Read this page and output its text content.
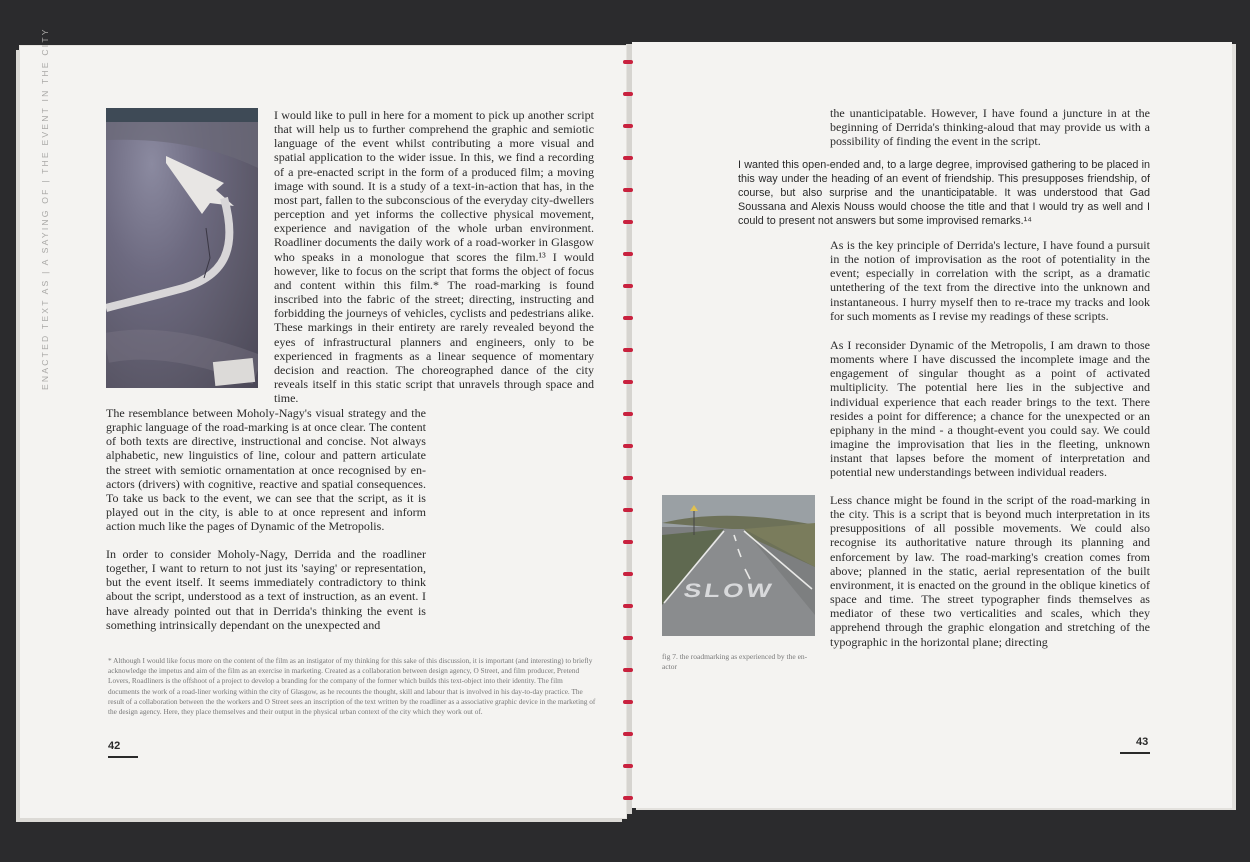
ENACTED TEXT AS | A SAYING OF | THE EVENT IN THE CITY	I would like to pull in here for a moment to pick up another script that will help us to further comprehend the graphic and semiotic language of the event whilst contributing a more visual and spatial application to the wider issue. In this, we find a recording of a pre-enacted script in the form of a produced film; a moving image with sound. It is a study of a text-in-action that has, in the most part, fallen to the subconscious of the everyday city-dwellers perception and yet informs the collective physical movement, experience and navigation of the whole urban environment. Roadliner documents the daily work of a road-worker in Glasgow who speaks in a monologue that scores the film.¹³ I would however, like to focus on the script that forms the object of focus and content within this film.* The road-marking is found inscribed into the fabric of the street; directing, instructing and forbidding the journeys of vehicles, cyclists and pedestrians alike. These markings in their entirety are rarely revealed beyond the eyes of infrastructural planners and engineers, only to be experienced in fragments as a linear sequence of momentary decision and reaction. The choreographed dance of the city reveals itself in this static script that unravels through space and time.

The resemblance between Moholy-Nagy's visual strategy and the graphic language of the road-marking is at once clear. The content of both texts are directive, instructional and concise. Not always alphabetic, new linguistics of line, colour and pattern articulate the street with semiotic ornamentation at once recognised by en-actors (drivers) with cognitive, reactive and spatial consequences. To take us back to the event, we can see that the script, as it is played out in the city, is able to at once represent and inform action much like the pages of Dynamic of the Metropolis.

In order to consider Moholy-Nagy, Derrida and the roadliner together, I want to return to not just its 'saying' or representation, but the event itself. It seems immediately contradictory to think about the script, understood as a text of instruction, as an event. I have already pointed out that in Derrida's thinking the event is something intrinsically dependant on the unexpected and

* Although I would like focus more on the content of the film as an instigator of my thinking for this sake of this discussion, it is important (and interesting) to briefly acknowledge the impetus and aim of the film as an exercise in marketing. Created as a collaboration between design agency, O Street, and film producer, Pretend Lovers, Roadliners is the offshoot of a project to develop a branding for the company of the former which builds this text-object into their identity. The film documents the work of a road-liner working within the city of Glasgow, as he recounts the thought, skill and labour that is involved in his day-to-day practice. The result of a collaboration between the the workers and O Street sees an inscription of the text written by the roadliner as a associative graphic device in the marketing of the design agency. Here, they place themselves and their output in the physical urban context of the city which they work out of.

42

the unanticipatable. However, I have found a juncture in at the beginning of Derrida's thinking-aloud that may provide us with a possibility of finding the event in the script.

I wanted this open-ended and, to a large degree, improvised gathering to be placed in this way under the heading of an event of friendship. This presupposes friendship, of course, but also surprise and the unanticipatable. It was understood that Gad Soussana and Alexis Nouss would choose the title and that I would try as well and I could to present not answers but some improvised remarks.¹⁴

As is the key principle of Derrida's lecture, I have found a pursuit in the notion of improvisation as the root of potentiality in the event; especially in correlation with the script, as a dramatic untethering of the text from the directive into the unknown and instantaneous. I hurry myself then to re-trace my tracks and look for such moments as I revise my readings of these scripts.

As I reconsider Dynamic of the Metropolis, I am drawn to those moments where I have discussed the incomplete image and the engagement of singular thought as a point of activated multiplicity. The potential here lies in the subjective and individual experience that each reader brings to the text. There resides a point for difference; a chance for the unexpected or an epiphany in the mind - a thought-event you could say. We could imagine the improvisation that lies in the fleeting, unknown instant that lapses before the moment of interpretation and potential new understandings between individual readers.

SLOW

fig 7. the roadmarking as experienced by the en-actor

Less chance might be found in the script of the road-marking in the city. This is a script that is beyond much interpretation in its presuppositions of all possible movements. We could also recognise its authoritative nature through its planning and enforcement by law. The road-marking's creation comes from above; planned in the static, aerial representation of the built environment, it is enacted on the ground in the oblique kinetics of space and time. The street typographer finds themselves as mediator of these two verticalities and scales, which they apprehend through the graphic elongation and stretching of the typographic in the horizontal plane; directing

43
